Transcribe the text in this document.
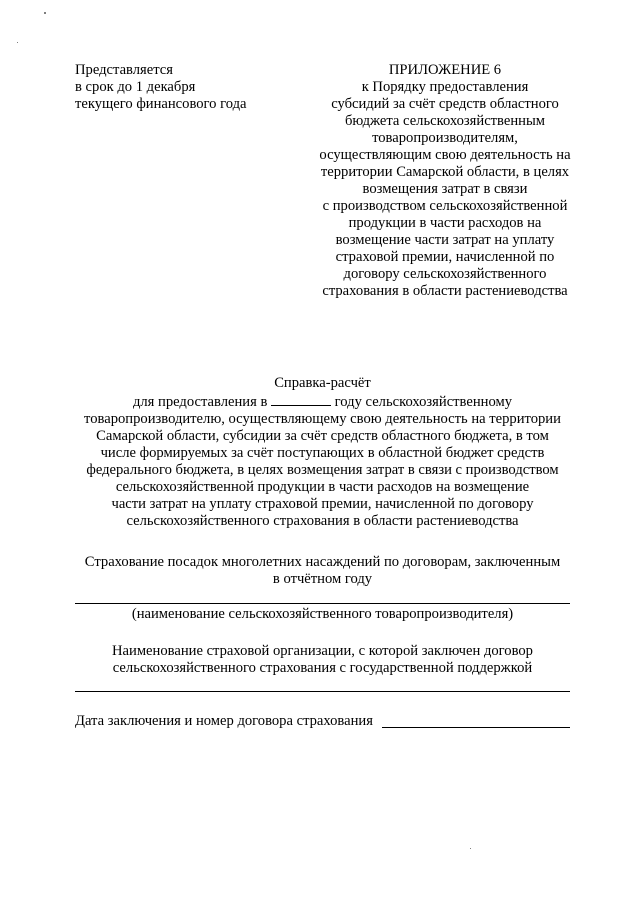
Представляется
в срок до 1 декабря
текущего финансового года
ПРИЛОЖЕНИЕ 6
к Порядку предоставления
субсидий за счёт средств областного
бюджета сельскохозяйственным
товаропроизводителям,
осуществляющим свою деятельность на
территории Самарской области, в целях
возмещения затрат в связи
с производством сельскохозяйственной
продукции в части расходов на
возмещение части затрат на уплату
страховой премии, начисленной по
договору сельскохозяйственного
страхования в области растениеводства
Справка-расчёт
для предоставления в	году сельскохозяйственному
товаропроизводителю, осуществляющему свою деятельность на территории
Самарской области, субсидии за счёт средств областного бюджета, в том
числе формируемых за счёт поступающих в областной бюджет средств
федерального бюджета, в целях возмещения затрат в связи с производством
сельскохозяйственной продукции в части расходов на возмещение
части затрат на уплату страховой премии, начисленной по договору
сельскохозяйственного страхования в области растениеводства
Страхование посадок многолетних насаждений по договорам, заключенным
в отчётном году
(наименование сельскохозяйственного товаропроизводителя)
Наименование страховой организации, с которой заключен договор
сельскохозяйственного страхования с государственной поддержкой
Дата заключения и номер договора страхования
